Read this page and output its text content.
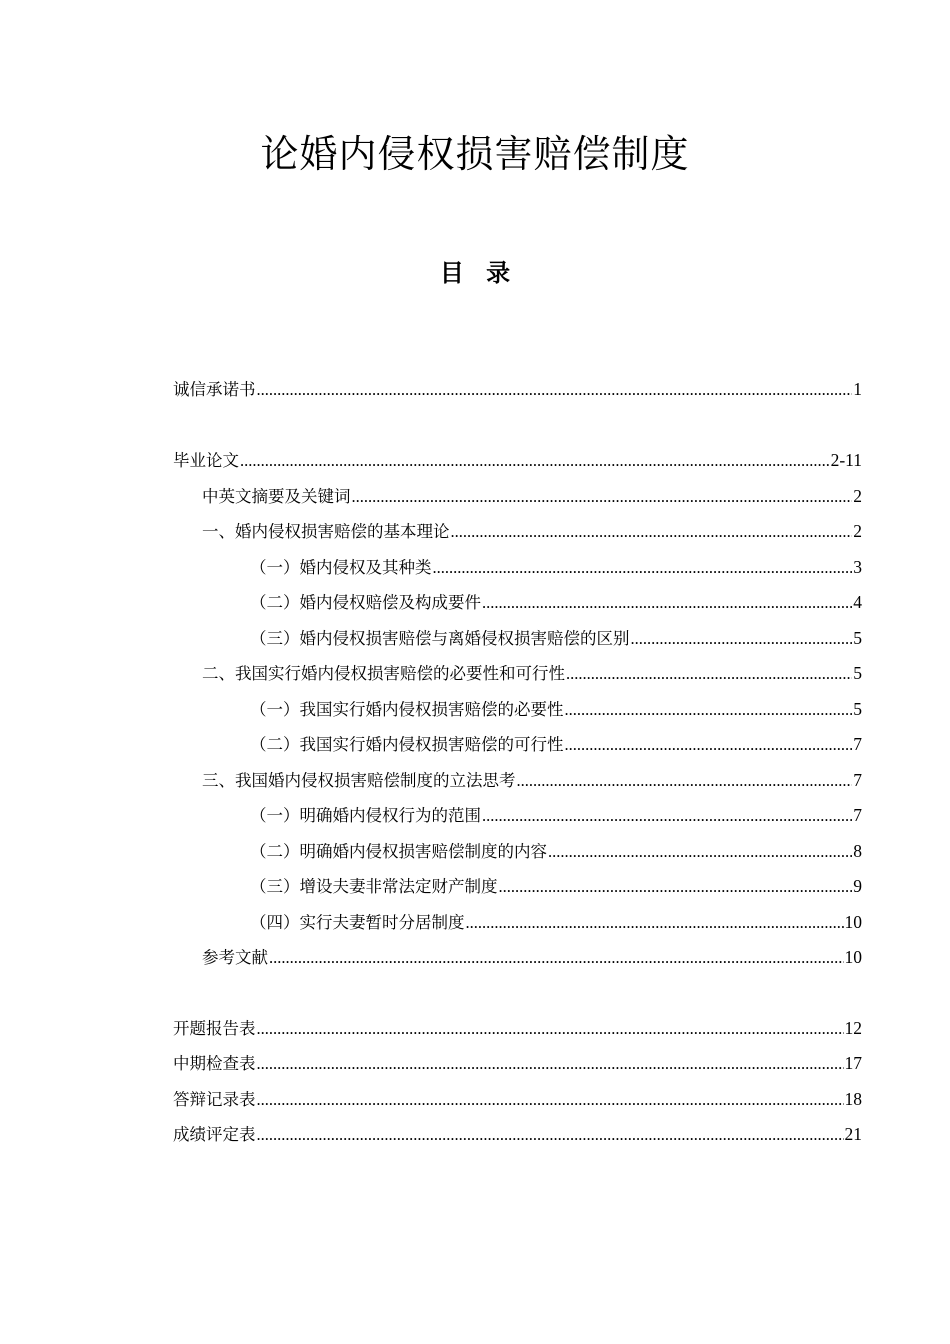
论婚内侵权损害赔偿制度
目 录
诚信承诺书 .....	1
毕业论文 .....	2-11
中英文摘要及关键词 .....	2
一、婚内侵权损害赔偿的基本理论 .....	2
（一）婚内侵权及其种类 .....	3
（二）婚内侵权赔偿及构成要件 .....	4
（三）婚内侵权损害赔偿与离婚侵权损害赔偿的区别 .....	5
二、我国实行婚内侵权损害赔偿的必要性和可行性 .....	5
（一）我国实行婚内侵权损害赔偿的必要性 .....	5
（二）我国实行婚内侵权损害赔偿的可行性 .....	7
三、我国婚内侵权损害赔偿制度的立法思考 .....	7
（一）明确婚内侵权行为的范围 .....	7
（二）明确婚内侵权损害赔偿制度的内容 .....	8
（三）增设夫妻非常法定财产制度 .....	9
（四）实行夫妻暂时分居制度 .....	10
参考文献 .....	10
开题报告表 .....	12
中期检查表 .....	17
答辩记录表 .....	18
成绩评定表 .....	21
